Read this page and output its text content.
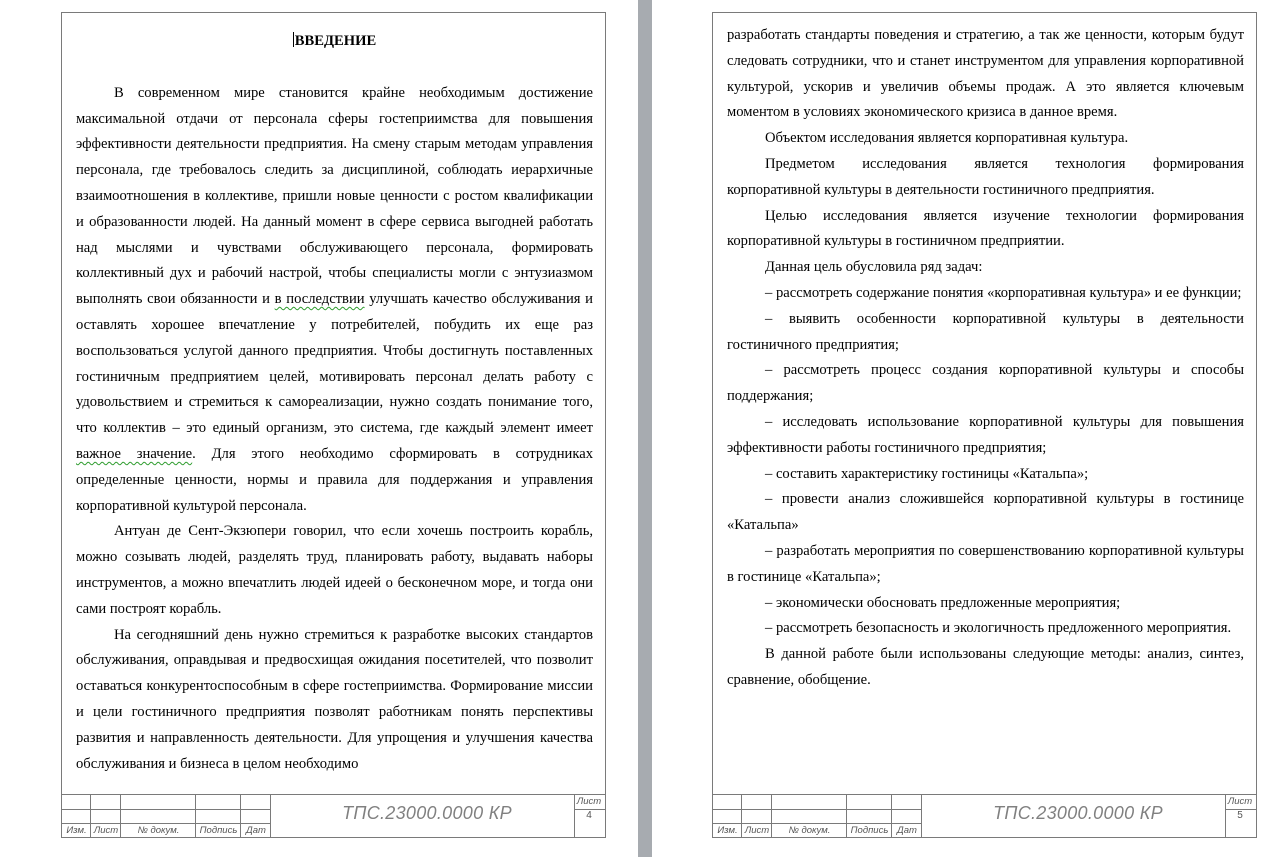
ВВЕДЕНИЕ

В современном мире становится крайне необходимым достижение максимальной отдачи от персонала сферы гостеприимства для повышения эффективности деятельности предприятия. На смену старым методам управления персонала, где требовалось следить за дисциплиной, соблюдать иерархичные взаимоотношения в коллективе, пришли новые ценности с ростом квалификации и образованности людей. На данный момент в сфере сервиса выгодней работать над мыслями и чувствами обслуживающего персонала, формировать коллективный дух и рабочий настрой, чтобы специалисты могли с энтузиазмом выполнять свои обязанности и в последствии улучшать качество обслуживания и оставлять хорошее впечатление у потребителей, побудить их еще раз воспользоваться услугой данного предприятия. Чтобы достигнуть поставленных гостиничным предприятием целей, мотивировать персонал делать работу с удовольствием и стремиться к самореализации, нужно создать понимание того, что коллектив – это единый организм, это система, где каждый элемент имеет важное значение. Для этого необходимо сформировать в сотрудниках определенные ценности, нормы и правила для поддержания и управления корпоративной культурой персонала.

Антуан де Сент-Экзюпери говорил, что если хочешь построить корабль, можно созывать людей, разделять труд, планировать работу, выдавать наборы инструментов, а можно впечатлить людей идеей о бесконечном море, и тогда они сами построят корабль.

На сегодняшний день нужно стремиться к разработке высоких стандартов обслуживания, оправдывая и предвосхищая ожидания посетителей, что позволит оставаться конкурентоспособным в сфере гостеприимства. Формирование миссии и цели гостиничного предприятия позволят работникам понять перспективы развития и направленность деятельности. Для упрощения и улучшения качества обслуживания и бизнеса в целом необходимо

Изм. Лист	№ докум.	Подпись Дат
ТПС.23000.0000 КР
Лист
4

разработать стандарты поведения и стратегию, а так же ценности, которым будут следовать сотрудники, что и станет инструментом для управления корпоративной культурой, ускорив и увеличив объемы продаж. А это является ключевым моментом в условиях экономического кризиса в данное время.

Объектом исследования является корпоративная культура.

Предметом исследования является технология формирования корпоративной культуры в деятельности гостиничного предприятия.

Целью исследования является изучение технологии формирования корпоративной культуры в гостиничном предприятии.

Данная цель обусловила ряд задач:

– рассмотреть содержание понятия «корпоративная культура» и ее функции;

– выявить особенности корпоративной культуры в деятельности гостиничного предприятия;

– рассмотреть процесс создания корпоративной культуры и способы поддержания;

– исследовать использование корпоративной культуры для повышения эффективности работы гостиничного предприятия;

– составить характеристику гостиницы «Катальпа»;

– провести анализ сложившейся корпоративной культуры в гостинице «Катальпа»

– разработать мероприятия по совершенствованию корпоративной культуры в гостинице «Катальпа»;

– экономически обосновать предложенные мероприятия;

– рассмотреть безопасность и экологичность предложенного мероприятия.

В данной работе были использованы следующие методы: анализ, синтез, сравнение, обобщение.

Изм. Лист	№ докум.	Подпись Дат
ТПС.23000.0000 КР
Лист
5
